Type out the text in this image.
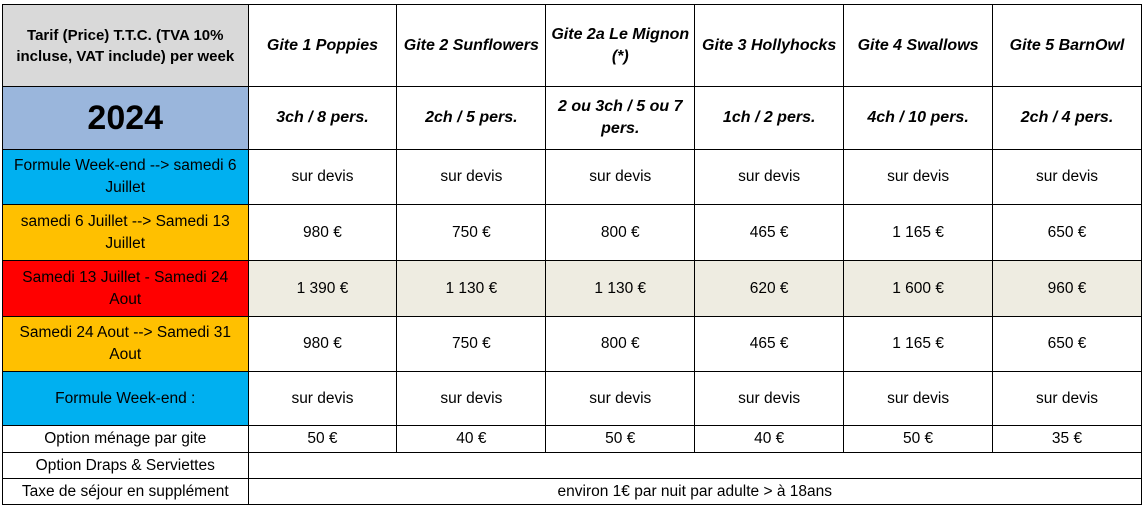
Tarif (Price) T.T.C. (TVA 10% incluse, VAT include) per week	Gite 1 Poppies	Gite 2 Sunflowers	Gite 2a Le Mignon (*)	Gite 3 Hollyhocks	Gite 4 Swallows	Gite 5 BarnOwl
2024	3ch / 8 pers.	2ch / 5 pers.	2 ou 3ch / 5 ou 7 pers.	1ch / 2 pers.	4ch / 10 pers.	2ch / 4 pers.
Formule Week-end --> samedi 6 Juillet	sur devis	sur devis	sur devis	sur devis	sur devis	sur devis
samedi 6 Juillet --> Samedi 13 Juillet	980 €	750 €	800 €	465 €	1 165 €	650 €
Samedi 13 Juillet - Samedi 24 Aout	1 390 €	1 130 €	1 130 €	620 €	1 600 €	960 €
Samedi 24 Aout --> Samedi 31 Aout	980 €	750 €	800 €	465 €	1 165 €	650 €
Formule Week-end :	sur devis	sur devis	sur devis	sur devis	sur devis	sur devis
Option ménage par gite	50 €	40 €	50 €	40 €	50 €	35 €
Option Draps & Serviettes						
Taxe de séjour en supplément	environ 1€ par nuit par adulte > à 18ans					
